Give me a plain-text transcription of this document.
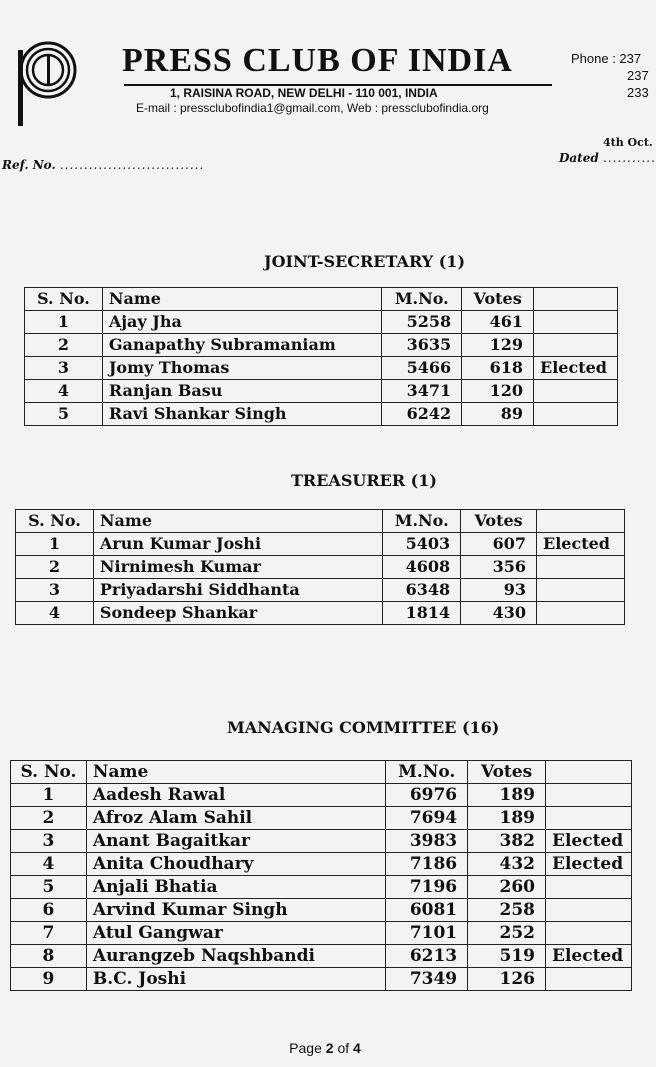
PRESS CLUB OF INDIA
1, RAISINA ROAD, NEW DELHI - 110 001, INDIA
E-mail : pressclubofindia1@gmail.com, Web : pressclubofindia.org
Phone : 237
237
233
4th Oct.
Ref. No. ..............................	Dated ...........
JOINT-SECRETARY (1)
S. No.	Name	M.No.	Votes	
1	Ajay Jha	5258	461	
2	Ganapathy Subramaniam	3635	129	
3	Jomy Thomas	5466	618	Elected
4	Ranjan Basu	3471	120	
5	Ravi Shankar Singh	6242	89	
TREASURER (1)
S. No.	Name	M.No.	Votes	
1	Arun Kumar Joshi	5403	607	Elected
2	Nirnimesh Kumar	4608	356	
3	Priyadarshi Siddhanta	6348	93	
4	Sondeep Shankar	1814	430	
MANAGING COMMITTEE (16)
S. No.	Name	M.No.	Votes	
1	Aadesh Rawal	6976	189	
2	Afroz Alam Sahil	7694	189	
3	Anant Bagaitkar	3983	382	Elected
4	Anita Choudhary	7186	432	Elected
5	Anjali Bhatia	7196	260	
6	Arvind Kumar Singh	6081	258	
7	Atul Gangwar	7101	252	
8	Aurangzeb Naqshbandi	6213	519	Elected
9	B.C. Joshi	7349	126	
Page 2 of 4
